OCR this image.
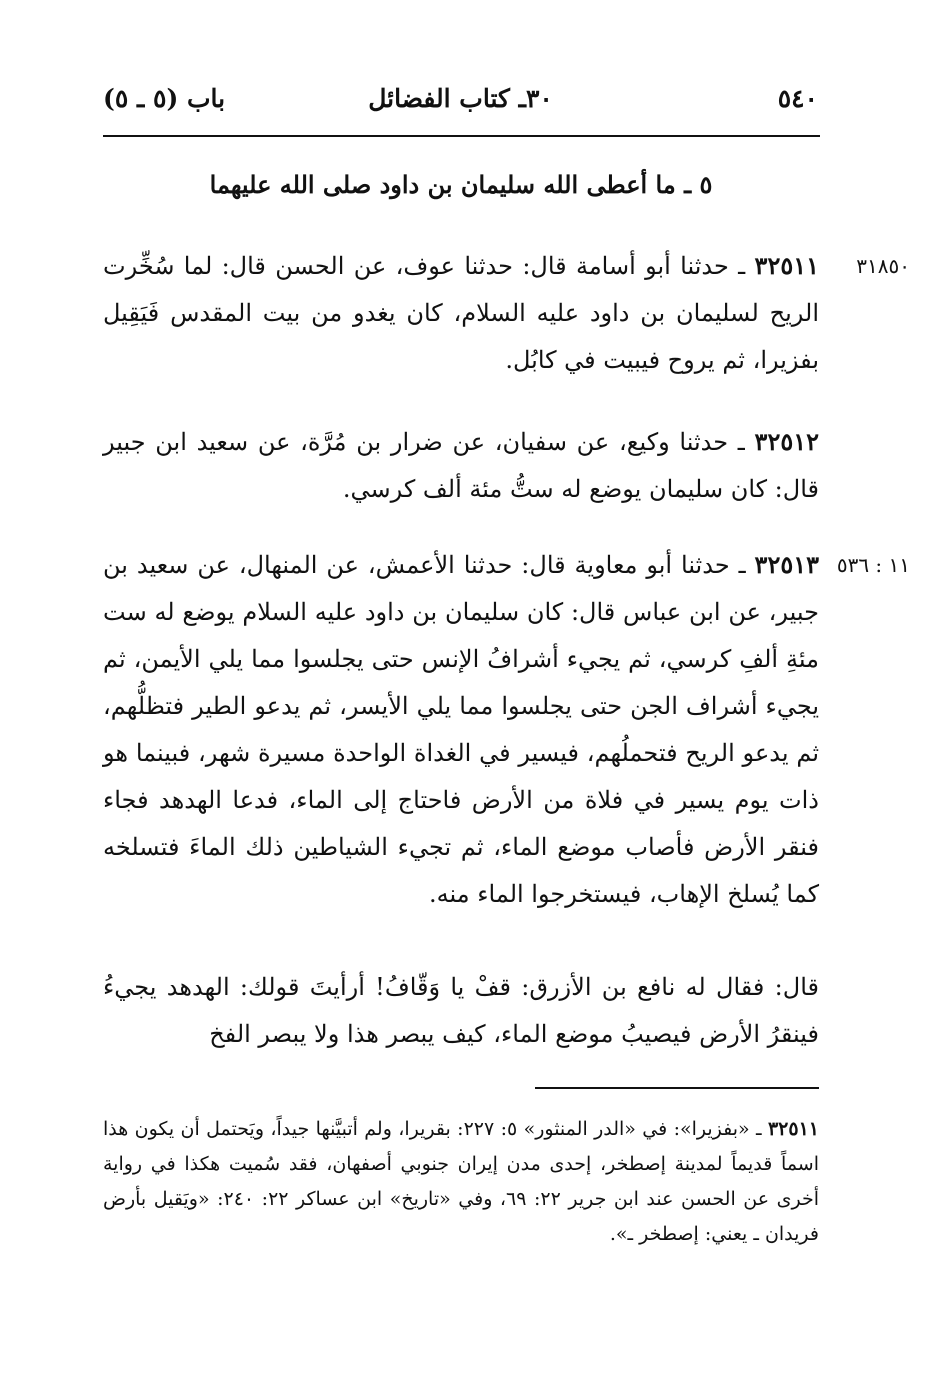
٥٤٠
٣٠ـ كتاب الفضائل
باب (٥ ـ ٥)
٥ ـ ما أعطى الله سليمان بن داود صلى الله عليهما
٣١٨٥٠
٣٢٥١١ ـ حدثنا أبو أسامة قال: حدثنا عوف، عن الحسن قال: لما سُخِّرت الريح لسليمان بن داود عليه السلام، كان يغدو من بيت المقدس فَيَقِيل بفزيرا، ثم يروح فيبيت في كابُل.
٣٢٥١٢ ـ حدثنا وكيع، عن سفيان، عن ضرار بن مُرَّة، عن سعيد ابن جبير قال: كان سليمان يوضع له ستُّ مئة ألف كرسي.
١١ : ٥٣٦
٣٢٥١٣ ـ حدثنا أبو معاوية قال: حدثنا الأعمش، عن المنهال، عن سعيد بن جبير، عن ابن عباس قال: كان سليمان بن داود عليه السلام يوضع له ست مئةِ ألفِ كرسي، ثم يجيء أشرافُ الإنس حتى يجلسوا مما يلي الأيمن، ثم يجيء أشراف الجن حتى يجلسوا مما يلي الأيسر، ثم يدعو الطير فتظلُّهم، ثم يدعو الريح فتحملُهم، فيسير في الغداة الواحدة مسيرة شهر، فبينما هو ذات يوم يسير في فلاة من الأرض فاحتاج إلى الماء، فدعا الهدهد فجاء فنقر الأرض فأصاب موضع الماء، ثم تجيء الشياطين ذلك الماءَ فتسلخه كما يُسلخ الإهاب، فيستخرجوا الماء منه.
قال: فقال له نافع بن الأزرق: قفْ يا وَقّافُ! أرأيتَ قولك: الهدهد يجيءُ فينقرُ الأرض فيصيبُ موضع الماء، كيف يبصر هذا ولا يبصر الفخ
٣٢٥١١ ـ «بفزيرا»: في «الدر المنثور» ٥: ٢٢٧: بقريرا، ولم أتبيَّنها جيداً، ويَحتمل أن يكون هذا اسماً قديماً لمدينة إصطخر، إحدى مدن إيران جنوبي أصفهان، فقد سُميت هكذا في رواية أخرى عن الحسن عند ابن جرير ٢٢: ٦٩، وفي «تاريخ» ابن عساكر ٢٢: ٢٤٠: «ويَقيل بأرض فريدان ـ يعني: إصطخر ـ».
